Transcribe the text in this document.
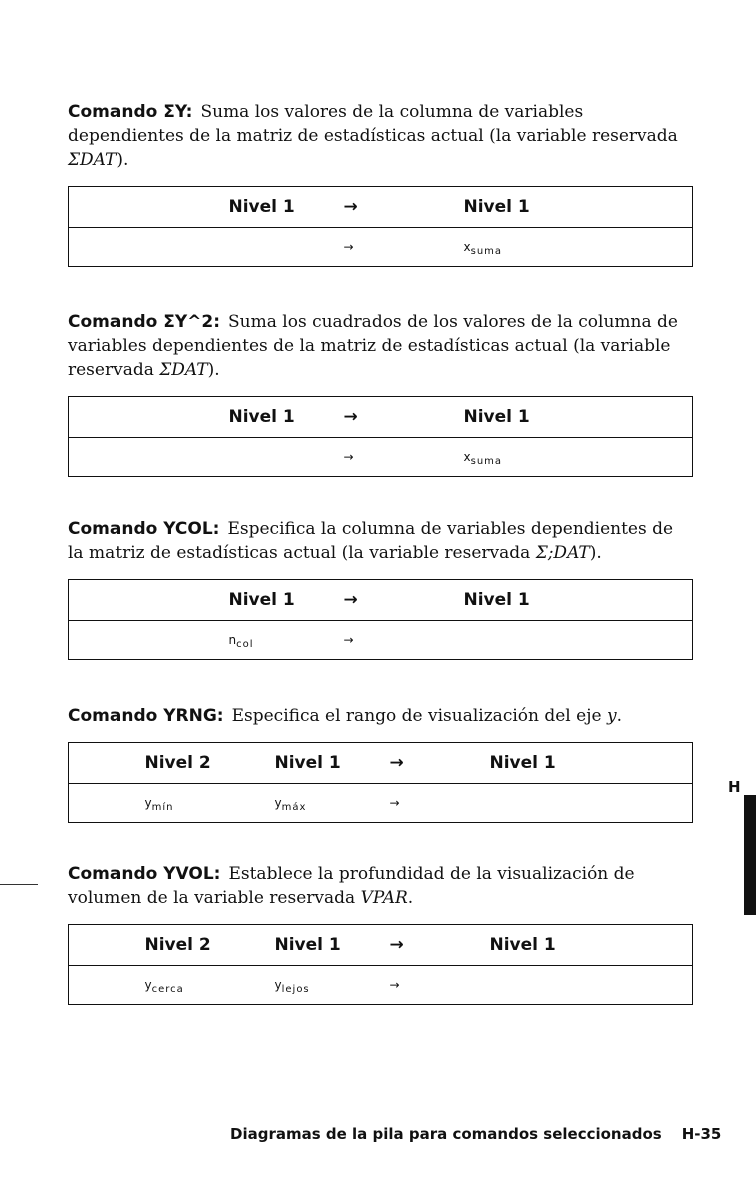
Comando ΣY: Suma los valores de la columna de variables dependientes de la matriz de estadísticas actual (la variable reservada ΣDAT).

	Nivel 1	→	Nivel 1
		→	$x_{suma}$

Comando ΣY^2: Suma los cuadrados de los valores de la columna de variables dependientes de la matriz de estadísticas actual (la variable reservada ΣDAT).

	Nivel 1	→	Nivel 1
		→	$x_{suma}$

Comando YCOL: Especifica la columna de variables dependientes de la matriz de estadísticas actual (la variable reservada Σ;DAT).

	Nivel 1	→	Nivel 1
	$n_{col}$	→	

Comando YRNG: Especifica el rango de visualización del eje y.

	Nivel 2	Nivel 1	→	Nivel 1
	$y_{mín}$	$y_{máx}$	→	

Comando YVOL: Establece la profundidad de la visualización de volumen de la variable reservada VPAR.

	Nivel 2	Nivel 1	→	Nivel 1
	$y_{cerca}$	$y_{lejos}$	→	
H
Diagramas de la pila para comandos seleccionados H-35
